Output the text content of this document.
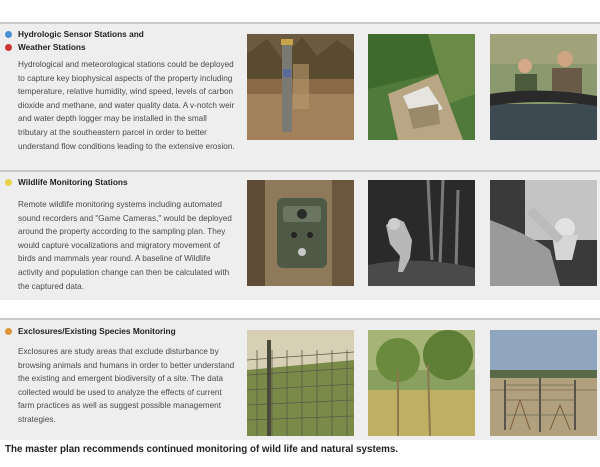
Hydrologic Sensor Stations and
Weather Stations
Hydrological and meteorological stations could be deployed to capture key biophysical aspects of the property including temperature, relative humidity, wind speed, levels of carbon dioxide and methane, and water quality data. A v-notch weir and water depth logger may be installed in the small tributary at the southeastern parcel in order to better understand flow conditions leading to the extensive erosion.
Wildlife Monitoring Stations
Remote wildlife monitoring systems including automated sound recorders and "Game Cameras," would be deployed around the property according to the sampling plan. They would capture vocalizations and migratory movement of birds and mammals year round. A baseline of Wildlife activity and population change can then be calculated with the captured data.
Exclosures/Existing Species Monitoring
Exclosures are study areas that exclude disturbance by browsing animals and humans in order to better understand the existing and emergent biodiversity of a site. The data collected would be used to analyze the effects of current farm practices as well as suggest possible management strategies.
The master plan recommends continued monitoring of wild life and natural systems.
